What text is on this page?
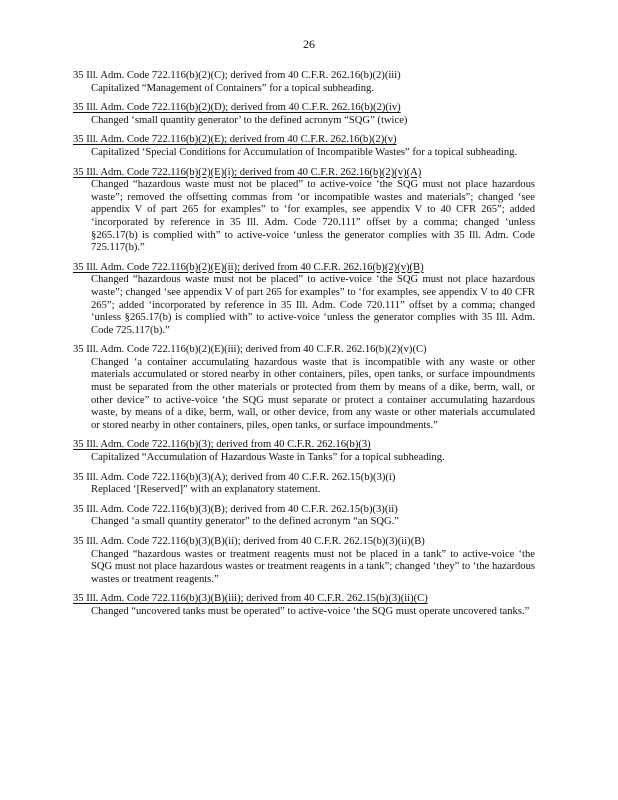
26
35 Ill. Adm. Code 722.116(b)(2)(C); derived from 40 C.F.R. 262.16(b)(2)(iii)
Capitalized “Management of Containers” for a topical subheading.
35 Ill. Adm. Code 722.116(b)(2)(D); derived from 40 C.F.R. 262.16(b)(2)(iv)
Changed ‘small quantity generator’ to the defined acronym “SQG” (twice)
35 Ill. Adm. Code 722.116(b)(2)(E); derived from 40 C.F.R. 262.16(b)(2)(v)
Capitalized ‘Special Conditions for Accumulation of Incompatible Wastes” for a topical subheading.
35 Ill. Adm. Code 722.116(b)(2)(E)(i); derived from 40 C.F.R. 262.16(b)(2)(v)(A)
Changed “hazardous waste must not be placed” to active-voice ‘the SQG must not place hazardous waste”; removed the offsetting commas from ‘or incompatible wastes and materials”; changed ‘see appendix V of part 265 for examples” to ‘for examples, see appendix V to 40 CFR 265”; added ‘incorporated by reference in 35 Ill. Adm. Code 720.111” offset by a comma; changed ‘unless §265.17(b) is complied with” to active-voice ‘unless the generator complies with 35 Ill. Adm. Code 725.117(b).”
35 Ill. Adm. Code 722.116(b)(2)(E)(ii); derived from 40 C.F.R. 262.16(b)(2)(v)(B)
Changed “hazardous waste must not be placed” to active-voice ‘the SQG must not place hazardous waste”; changed ‘see appendix V of part 265 for examples” to ‘for examples, see appendix V to 40 CFR 265”; added ‘incorporated by reference in 35 Ill. Adm. Code 720.111” offset by a comma; changed ‘unless §265.17(b) is complied with” to active-voice ‘unless the generator complies with 35 Ill. Adm. Code 725.117(b).”
35 Ill. Adm. Code 722.116(b)(2)(E)(iii); derived from 40 C.F.R. 262.16(b)(2)(v)(C)
Changed ‘a container accumulating hazardous waste that is incompatible with any waste or other materials accumulated or stored nearby in other containers, piles, open tanks, or surface impoundments must be separated from the other materials or protected from them by means of a dike, berm, wall, or other device” to active-voice ‘the SQG must separate or protect a container accumulating hazardous waste, by means of a dike, berm, wall, or other device, from any waste or other materials accumulated or stored nearby in other containers, piles, open tanks, or surface impoundments.”
35 Ill. Adm. Code 722.116(b)(3); derived from 40 C.F.R. 262.16(b)(3)
Capitalized “Accumulation of Hazardous Waste in Tanks” for a topical subheading.
35 Ill. Adm. Code 722.116(b)(3)(A); derived from 40 C.F.R. 262.15(b)(3)(i)
Replaced ‘[Reserved]” with an explanatory statement.
35 Ill. Adm. Code 722.116(b)(3)(B); derived from 40 C.F.R. 262.15(b)(3)(ii)
Changed ‘a small quantity generator” to the defined acronym “an SQG.”
35 Ill. Adm. Code 722.116(b)(3)(B)(ii); derived from 40 C.F.R. 262.15(b)(3)(ii)(B)
Changed “hazardous wastes or treatment reagents must not be placed in a tank” to active-voice ‘the SQG must not place hazardous wastes or treatment reagents in a tank”; changed ‘they” to ‘the hazardous wastes or treatment reagents.”
35 Ill. Adm. Code 722.116(b)(3)(B)(iii); derived from 40 C.F.R. 262.15(b)(3)(ii)(C)
Changed “uncovered tanks must be operated” to active-voice ‘the SQG must operate uncovered tanks.”
